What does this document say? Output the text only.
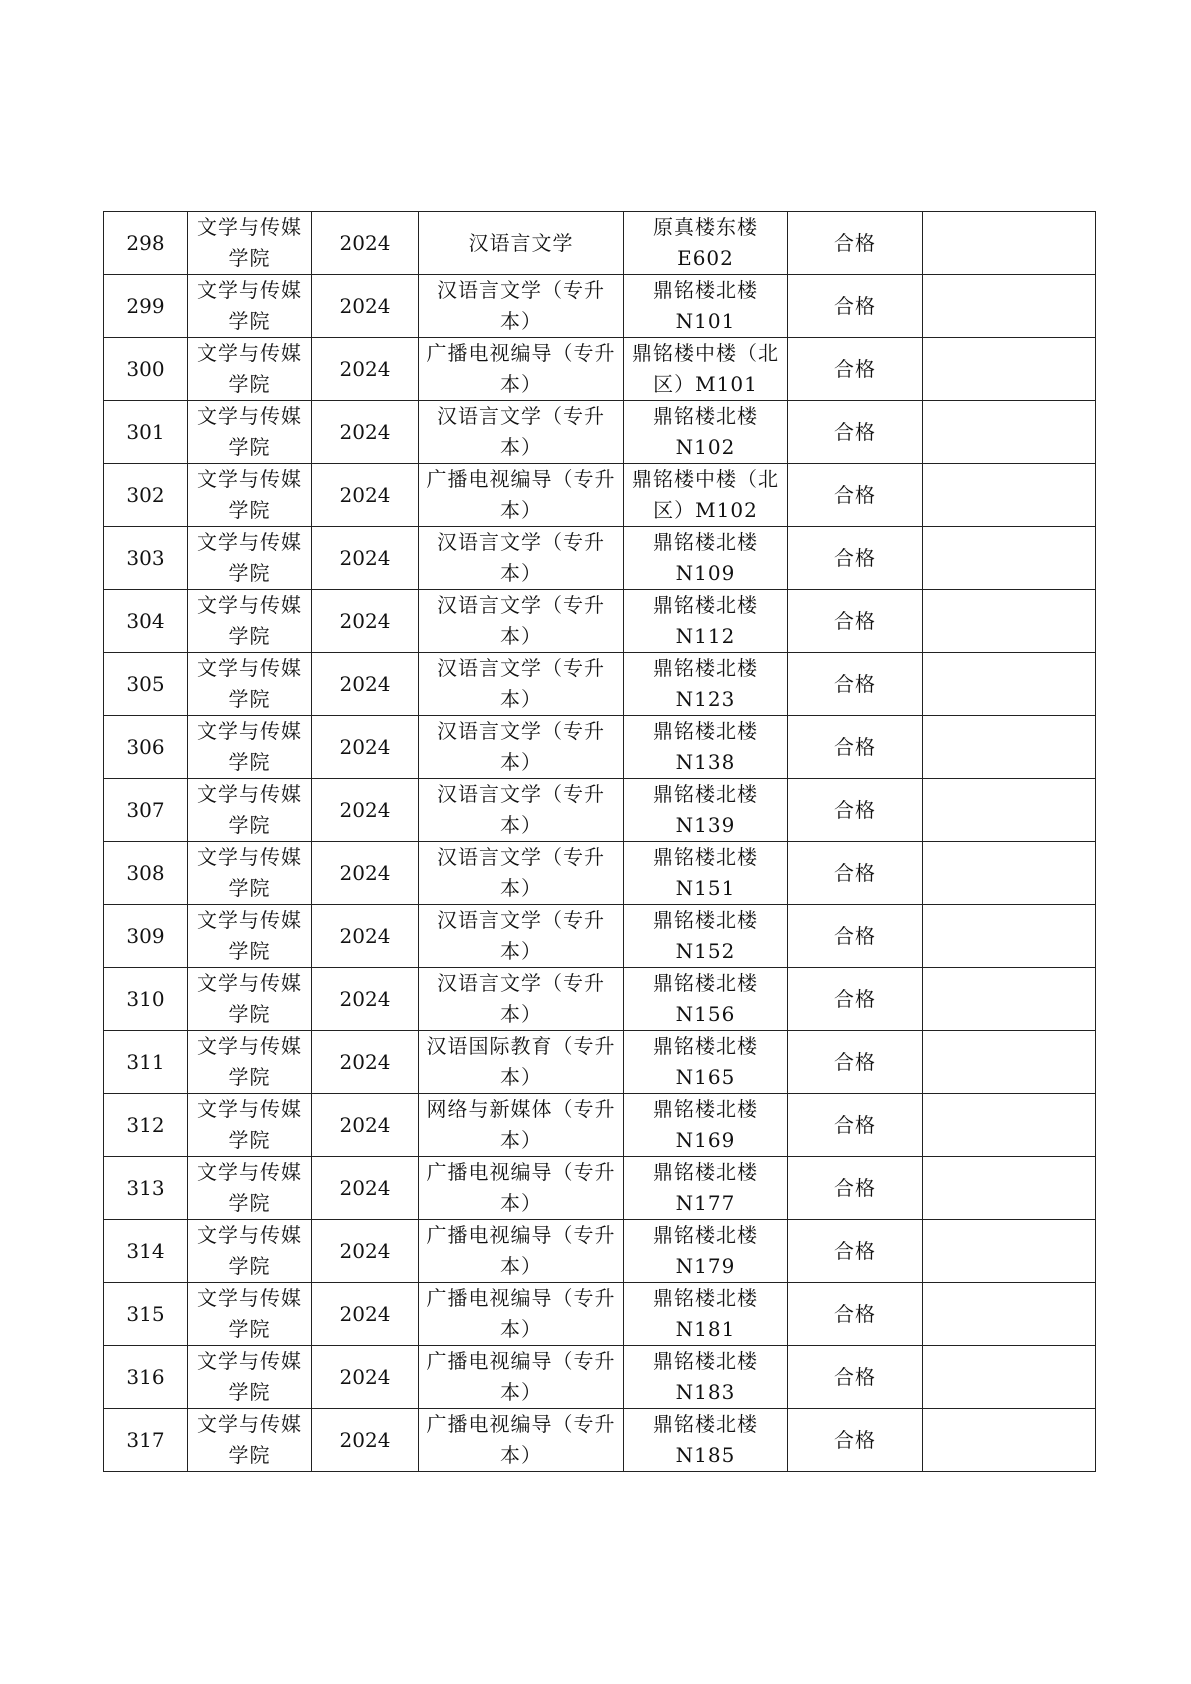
298	文学与传媒学院	2024	汉语言文学	原真楼东楼E602	合格	
299	文学与传媒学院	2024	汉语言文学（专升本）	鼎铭楼北楼N101	合格	
300	文学与传媒学院	2024	广播电视编导（专升本）	鼎铭楼中楼（北区）M101	合格	
301	文学与传媒学院	2024	汉语言文学（专升本）	鼎铭楼北楼N102	合格	
302	文学与传媒学院	2024	广播电视编导（专升本）	鼎铭楼中楼（北区）M102	合格	
303	文学与传媒学院	2024	汉语言文学（专升本）	鼎铭楼北楼N109	合格	
304	文学与传媒学院	2024	汉语言文学（专升本）	鼎铭楼北楼N112	合格	
305	文学与传媒学院	2024	汉语言文学（专升本）	鼎铭楼北楼N123	合格	
306	文学与传媒学院	2024	汉语言文学（专升本）	鼎铭楼北楼N138	合格	
307	文学与传媒学院	2024	汉语言文学（专升本）	鼎铭楼北楼N139	合格	
308	文学与传媒学院	2024	汉语言文学（专升本）	鼎铭楼北楼N151	合格	
309	文学与传媒学院	2024	汉语言文学（专升本）	鼎铭楼北楼N152	合格	
310	文学与传媒学院	2024	汉语言文学（专升本）	鼎铭楼北楼N156	合格	
311	文学与传媒学院	2024	汉语国际教育（专升本）	鼎铭楼北楼N165	合格	
312	文学与传媒学院	2024	网络与新媒体（专升本）	鼎铭楼北楼N169	合格	
313	文学与传媒学院	2024	广播电视编导（专升本）	鼎铭楼北楼N177	合格	
314	文学与传媒学院	2024	广播电视编导（专升本）	鼎铭楼北楼N179	合格	
315	文学与传媒学院	2024	广播电视编导（专升本）	鼎铭楼北楼N181	合格	
316	文学与传媒学院	2024	广播电视编导（专升本）	鼎铭楼北楼N183	合格	
317	文学与传媒学院	2024	广播电视编导（专升本）	鼎铭楼北楼N185	合格	
